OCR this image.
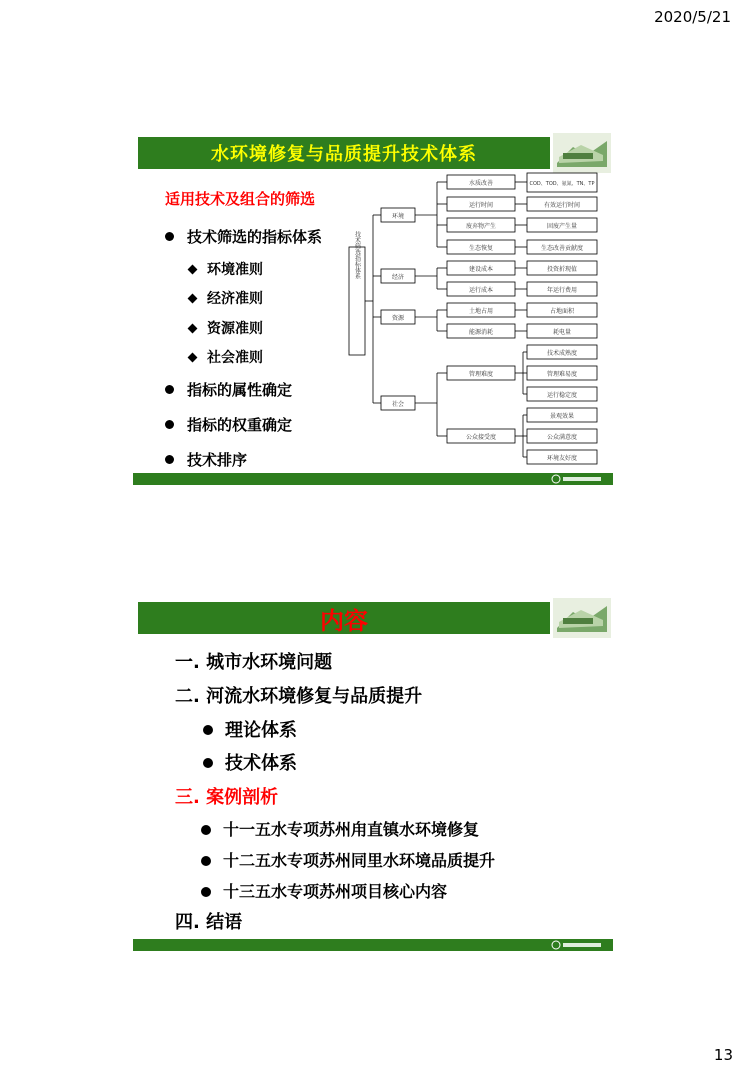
2020/5/21
水环境修复与品质提升技术体系
适用技术及组合的筛选
技术筛选的指标体系
环境准则
经济准则
资源准则
社会准则
指标的属性确定
指标的权重确定
技术排序
技术筛选指标体系
环境
经济
资源
社会
水质改善
运行时间
废弃物产生
生态恢复
COD、TOD、氨氮、TN、TP
有效运行时间
固废产生量
生态改善贡献度
建设成本
运行成本
投资折现值
年运行费用
土地占用
能源消耗
占地面积
耗电量
管理难度
公众接受度
技术成熟度
管理难易度
运行稳定度
景观效果
公众满意度
环境友好度
内容
一. 城市水环境问题
二. 河流水环境修复与品质提升
理论体系
技术体系
三. 案例剖析
十一五水专项苏州甪直镇水环境修复
十二五水专项苏州同里水环境品质提升
十三五水专项苏州项目核心内容
四. 结语
13
